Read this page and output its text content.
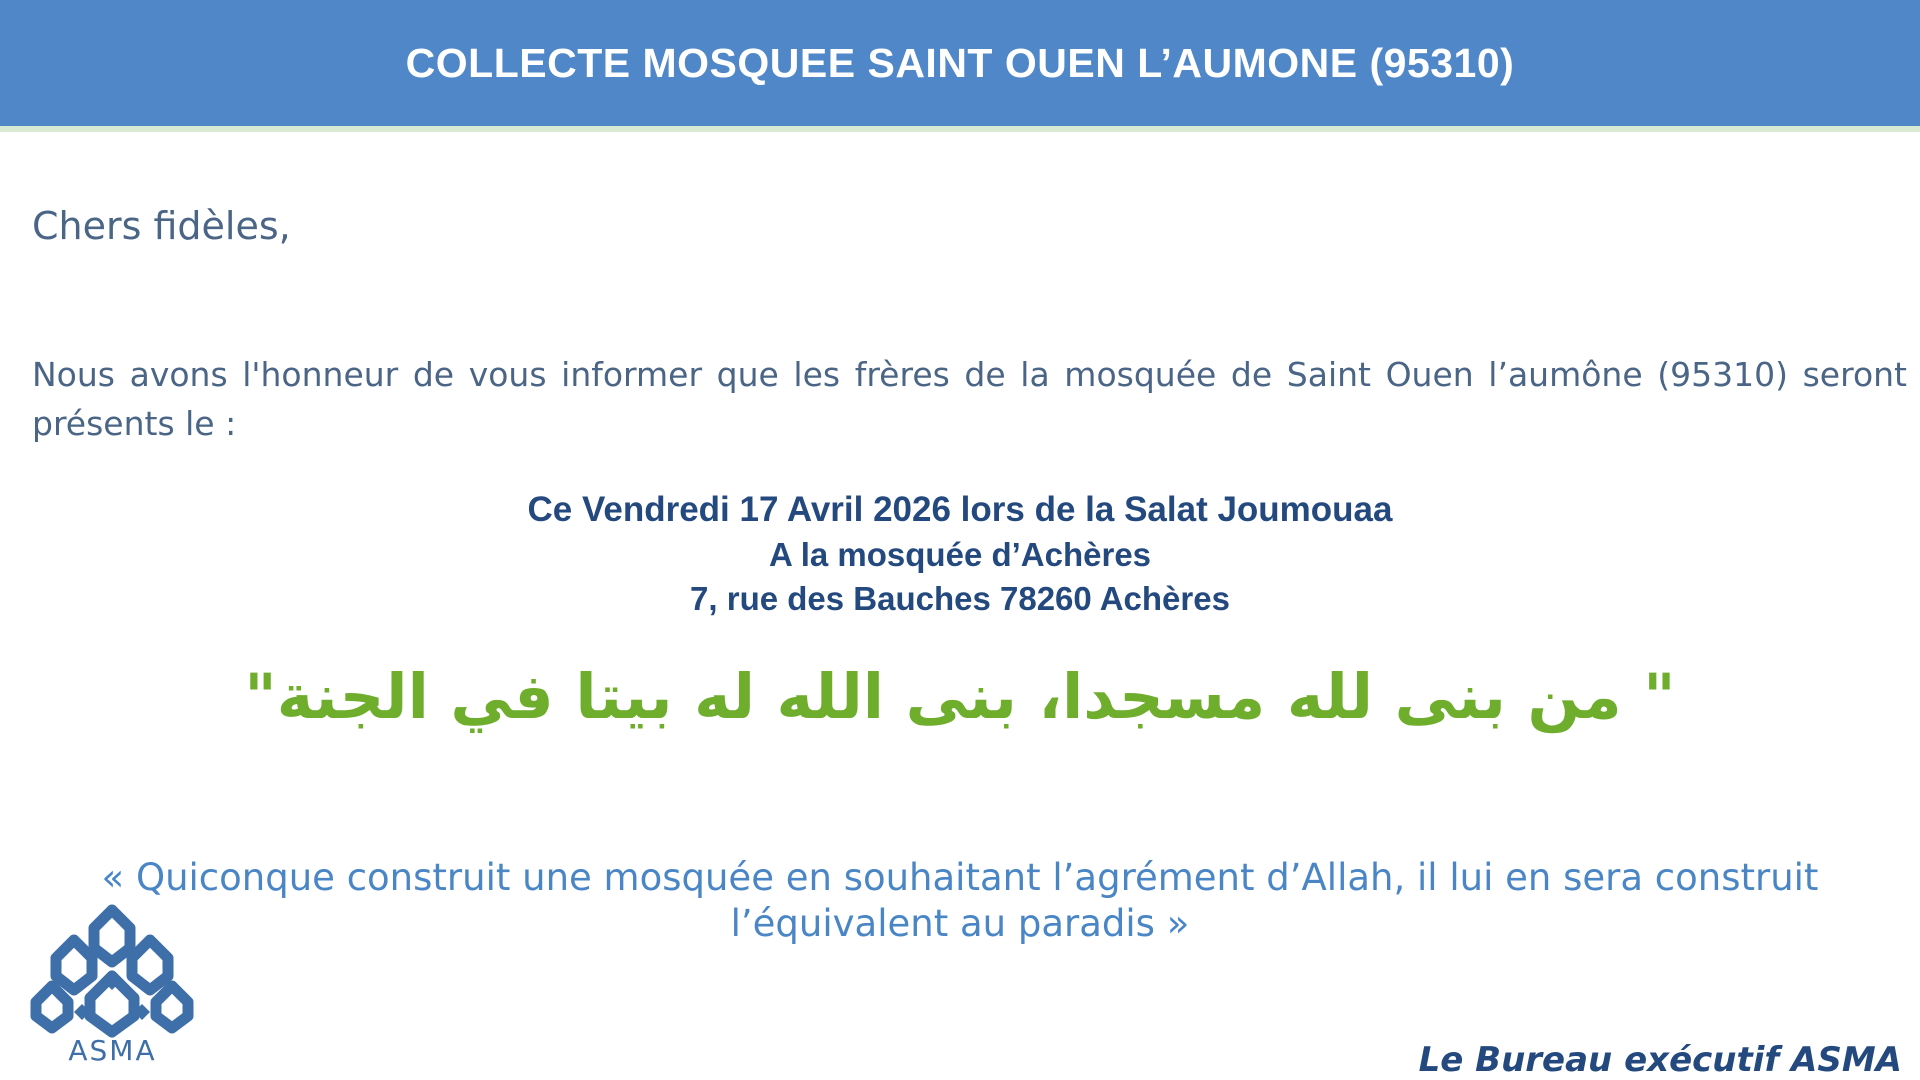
COLLECTE MOSQUEE SAINT OUEN L’AUMONE (95310)
Chers fidèles,
Nous avons l'honneur de vous informer que les frères de la mosquée de Saint Ouen l’aumône (95310) seront présents le :
Ce Vendredi 17 Avril 2026 lors de la Salat Joumouaa
A la mosquée d’Achères
7, rue des Bauches 78260 Achères
" من بنى لله مسجدا، بنى الله له بيتا في الجنة"
« Quiconque construit une mosquée en souhaitant l’agrément d’Allah, il lui en sera construit l’équivalent au paradis »
ASMA	Le Bureau exécutif ASMA
